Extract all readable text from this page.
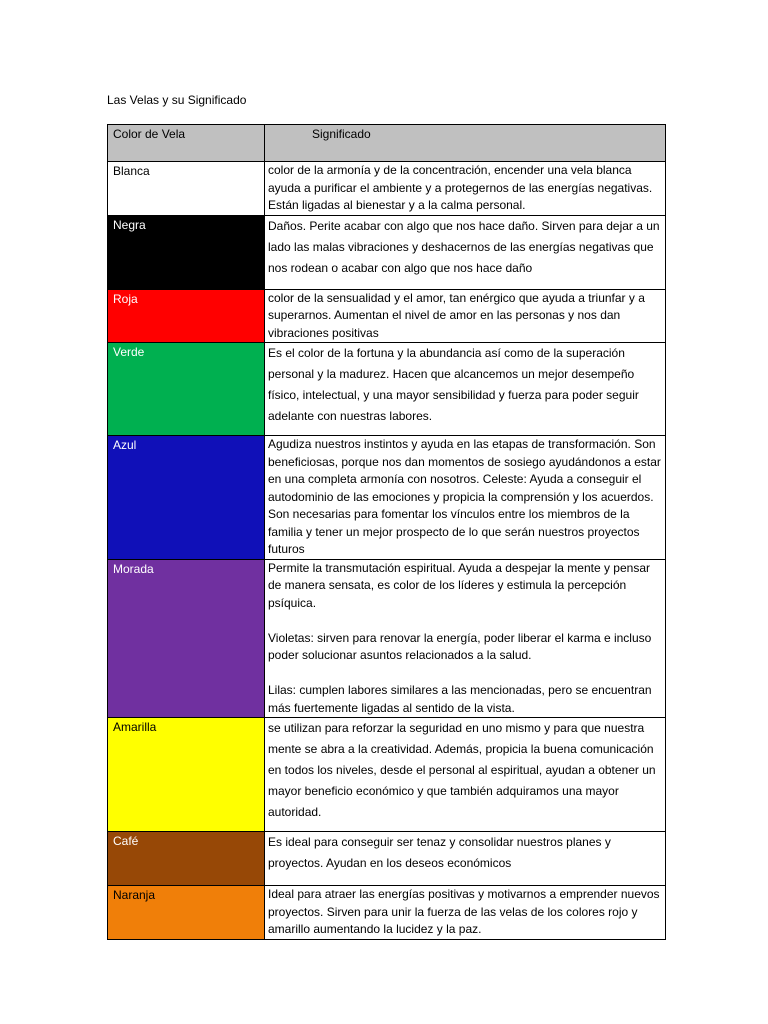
Las Velas y su Significado
Color de Vela	Significado
Blanca	color de la armonía y de la concentración, encender una vela blanca ayuda a purificar el ambiente y a protegernos de las energías negativas. Están ligadas al bienestar y a la calma personal.

Negra	Daños. Perite acabar con algo que nos hace daño. Sirven para dejar a un lado las malas vibraciones y deshacernos de las energías negativas que nos rodean o acabar con algo que nos hace daño

Roja	color de la sensualidad y el amor, tan enérgico que ayuda a triunfar y a superarnos. Aumentan el nivel de amor en las personas y nos dan vibraciones positivas

Verde	Es el color de la fortuna y la abundancia así como de la superación personal y la madurez. Hacen que alcancemos un mejor desempeño físico, intelectual, y una mayor sensibilidad y fuerza para poder seguir adelante con nuestras labores.

Azul	Agudiza nuestros instintos y ayuda en las etapas de transformación. Son beneficiosas, porque nos dan momentos de sosiego ayudándonos a estar en una completa armonía con nosotros. Celeste: Ayuda a conseguir el autodominio de las emociones y propicia la comprensión y los acuerdos. Son necesarias para fomentar los vínculos entre los miembros de la familia y tener un mejor prospecto de lo que serán nuestros proyectos futuros

Morada	Permite la transmutación espiritual. Ayuda a despejar la mente y pensar de manera sensata, es color de los líderes y estimula la percepción psíquica.

Violetas: sirven para renovar la energía, poder liberar el karma e incluso poder solucionar asuntos relacionados a la salud.

Lilas: cumplen labores similares a las mencionadas, pero se encuentran más fuertemente ligadas al sentido de la vista.

Amarilla	se utilizan para reforzar la seguridad en uno mismo y para que nuestra mente se abra a la creatividad. Además, propicia la buena comunicación en todos los niveles, desde el personal al espiritual, ayudan a obtener un mayor beneficio económico y que también adquiramos una mayor autoridad.

Café	Es ideal para conseguir ser tenaz y consolidar nuestros planes y proyectos. Ayudan en los deseos económicos

Naranja	Ideal para atraer las energías positivas y motivarnos a emprender nuevos proyectos. Sirven para unir la fuerza de las velas de los colores rojo y amarillo aumentando la lucidez y la paz.
